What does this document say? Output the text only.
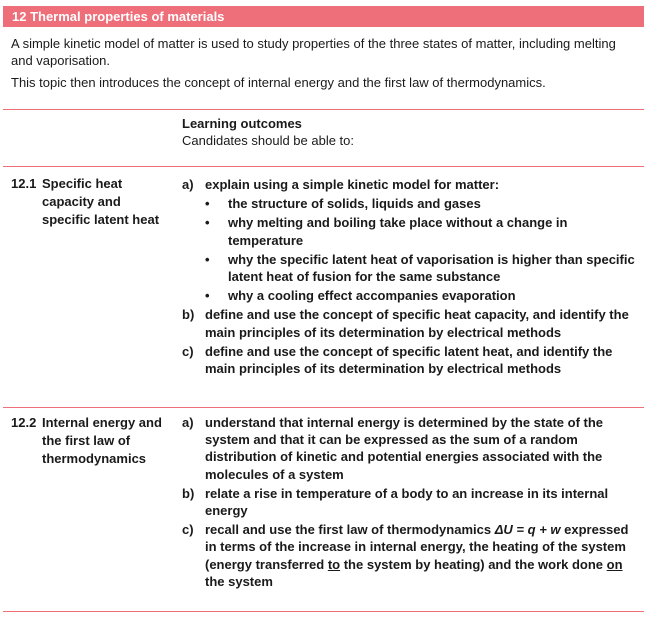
12 Thermal properties of materials

A simple kinetic model of matter is used to study properties of the three states of matter, including melting and vaporisation.

This topic then introduces the concept of internal energy and the first law of thermodynamics.

Learning outcomes
Candidates should be able to:
12.1 Specific heat capacity and specific latent heat
a) explain using a simple kinetic model for matter:
• the structure of solids, liquids and gases
• why melting and boiling take place without a change in temperature
• why the specific latent heat of vaporisation is higher than specific latent heat of fusion for the same substance
• why a cooling effect accompanies evaporation
b) define and use the concept of specific heat capacity, and identify the main principles of its determination by electrical methods
c) define and use the concept of specific latent heat, and identify the main principles of its determination by electrical methods
12.2 Internal energy and the first law of thermodynamics
a) understand that internal energy is determined by the state of the system and that it can be expressed as the sum of a random distribution of kinetic and potential energies associated with the molecules of a system
b) relate a rise in temperature of a body to an increase in its internal energy
c) recall and use the first law of thermodynamics ΔU = q + w expressed in terms of the increase in internal energy, the heating of the system (energy transferred to the system by heating) and the work done on the system
